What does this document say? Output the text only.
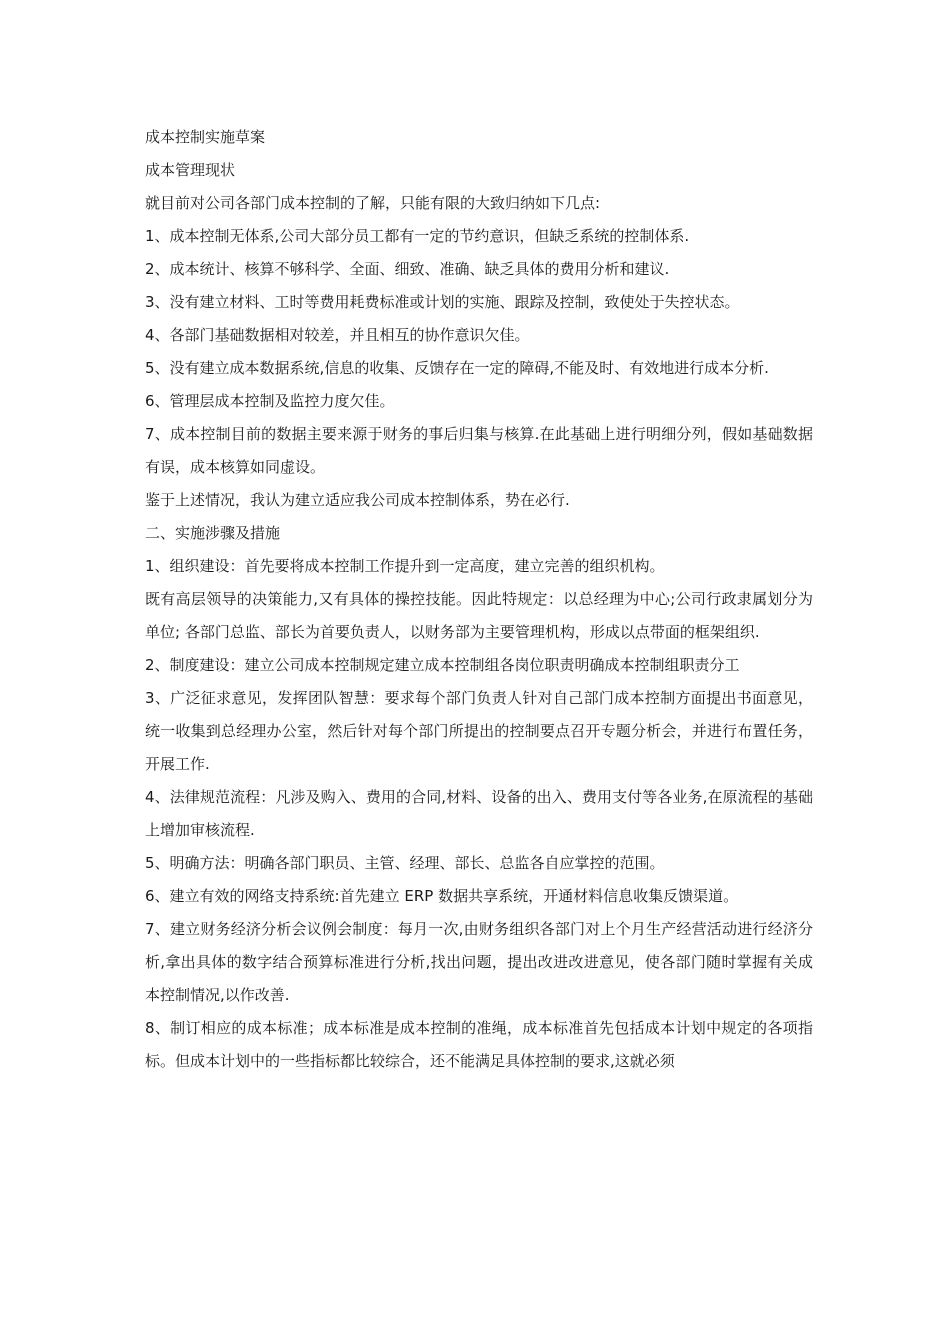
成本控制实施草案

成本管理现状

就目前对公司各部门成本控制的了解，只能有限的大致归纳如下几点:

1、成本控制无体系,公司大部分员工都有一定的节约意识，但缺乏系统的控制体系.

2、成本统计、核算不够科学、全面、细致、准确、缺乏具体的费用分析和建议.

3、没有建立材料、工时等费用耗费标准或计划的实施、跟踪及控制，致使处于失控状态。

4、各部门基础数据相对较差，并且相互的协作意识欠佳。

5、没有建立成本数据系统,信息的收集、反馈存在一定的障碍,不能及时、有效地进行成本分析.

6、管理层成本控制及监控力度欠佳。

7、成本控制目前的数据主要来源于财务的事后归集与核算.在此基础上进行明细分列，假如基础数据有误，成本核算如同虚设。

鉴于上述情况，我认为建立适应我公司成本控制体系，势在必行.

二、实施涉骤及措施

1、组织建设：首先要将成本控制工作提升到一定高度，建立完善的组织机构。

既有高层领导的决策能力,又有具体的操控技能。因此特规定：以总经理为中心;公司行政隶属划分为单位; 各部门总监、部长为首要负责人，以财务部为主要管理机构，形成以点带面的框架组织.

2、制度建设：建立公司成本控制规定建立成本控制组各岗位职责明确成本控制组职责分工

3、广泛征求意见，发挥团队智慧：要求每个部门负责人针对自己部门成本控制方面提出书面意见，统一收集到总经理办公室，然后针对每个部门所提出的控制要点召开专题分析会，并进行布置任务，开展工作.

4、法律规范流程：凡涉及购入、费用的合同,材料、设备的出入、费用支付等各业务,在原流程的基础上增加审核流程.

5、明确方法：明确各部门职员、主管、经理、部长、总监各自应掌控的范围。

6、建立有效的网络支持系统:首先建立 ERP 数据共享系统，开通材料信息收集反馈渠道。

7、建立财务经济分析会议例会制度：每月一次,由财务组织各部门对上个月生产经营活动进行经济分析,拿出具体的数字结合预算标准进行分析,找出问题，提出改进改进意见，使各部门随时掌握有关成本控制情况,以作改善.

8、制订相应的成本标准；成本标准是成本控制的准绳，成本标准首先包括成本计划中规定的各项指标。但成本计划中的一些指标都比较综合，还不能满足具体控制的要求,这就必须
